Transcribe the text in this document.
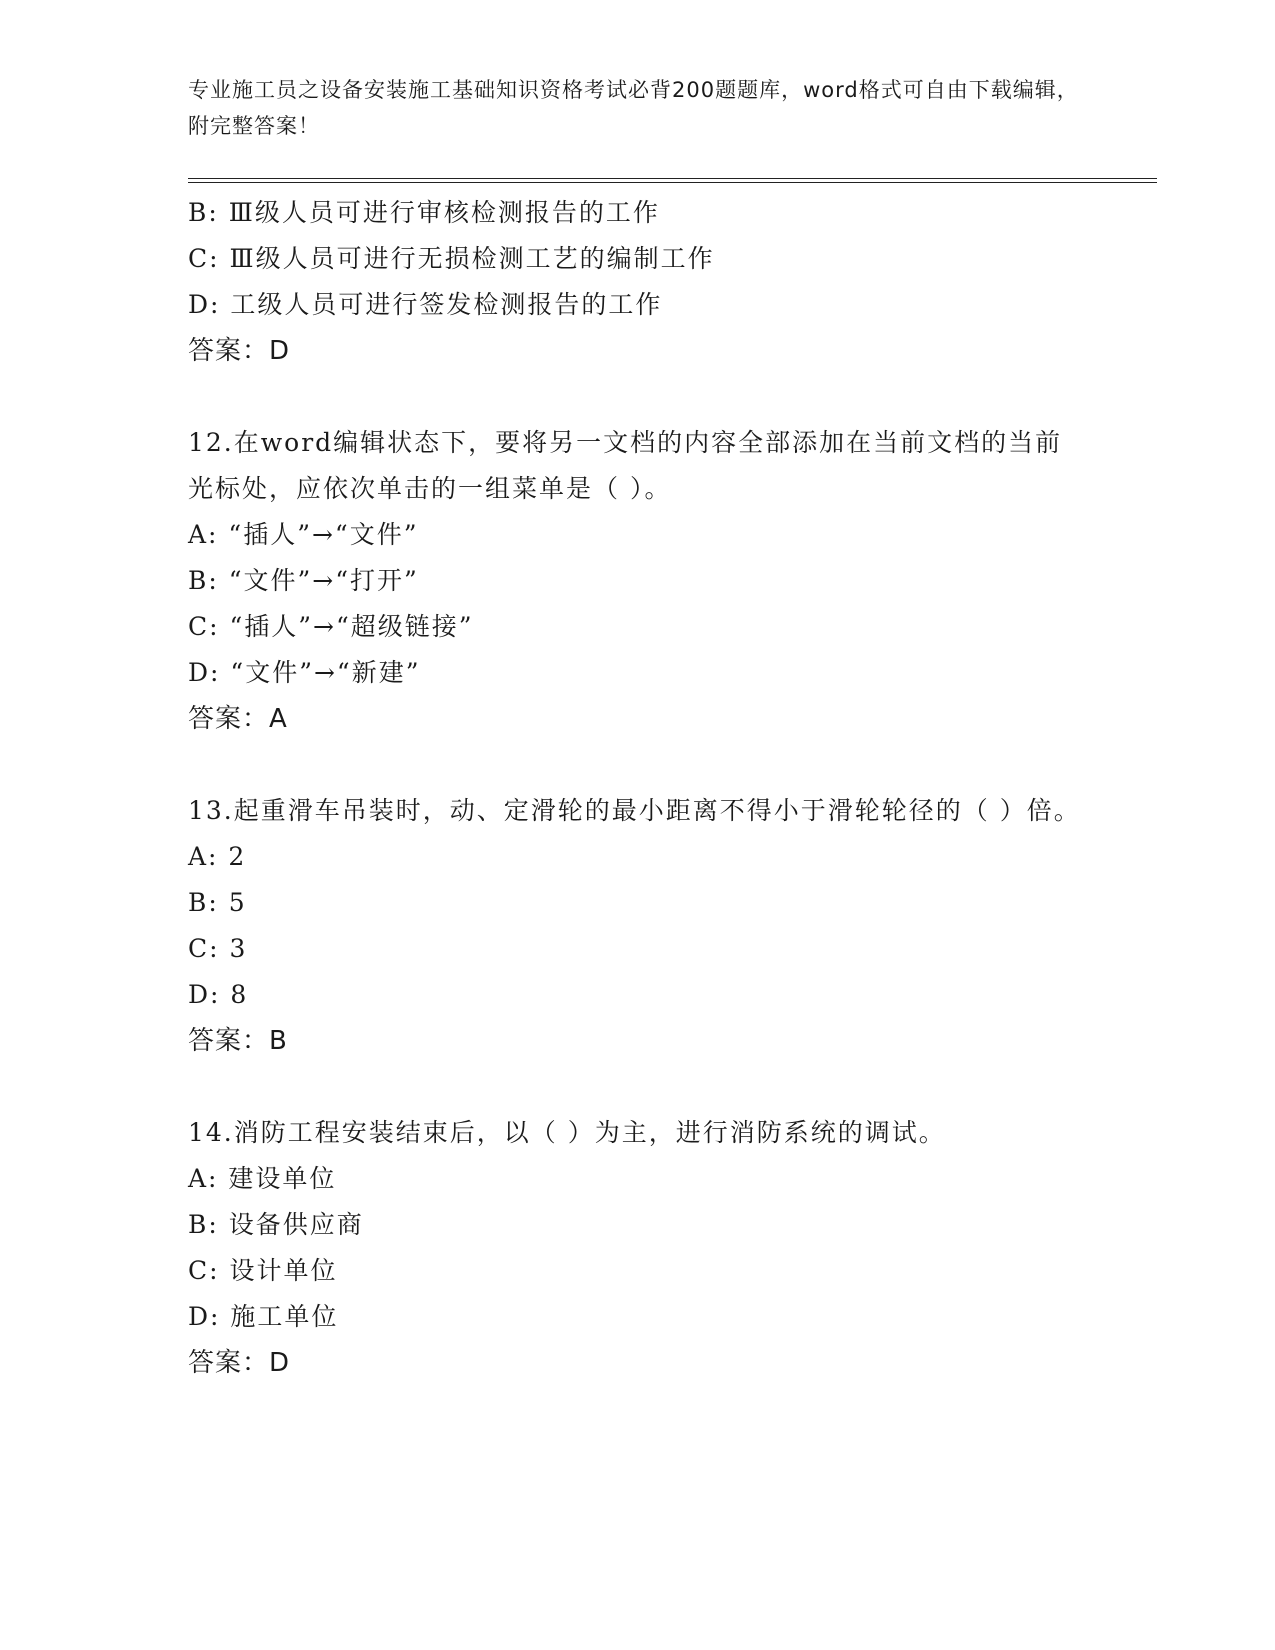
专业施工员之设备安装施工基础知识资格考试必背200题题库，word格式可自由下载编辑，附完整答案！
B: Ⅲ级人员可进行审核检测报告的工作
C: Ⅲ级人员可进行无损检测工艺的编制工作
D: 工级人员可进行签发检测报告的工作
答案：D
12.在word编辑状态下，要将另一文档的内容全部添加在当前文档的当前光标处，应依次单击的一组菜单是（ ）。
A: “插人”→“文件”
B: “文件”→“打开”
C: “插人”→“超级链接”
D: “文件”→“新建”
答案：A
13.起重滑车吊装时，动、定滑轮的最小距离不得小于滑轮轮径的（ ）倍。
A: 2
B: 5
C: 3
D: 8
答案：B
14.消防工程安装结束后，以（ ）为主，进行消防系统的调试。
A: 建设单位
B: 设备供应商
C: 设计单位
D: 施工单位
答案：D
